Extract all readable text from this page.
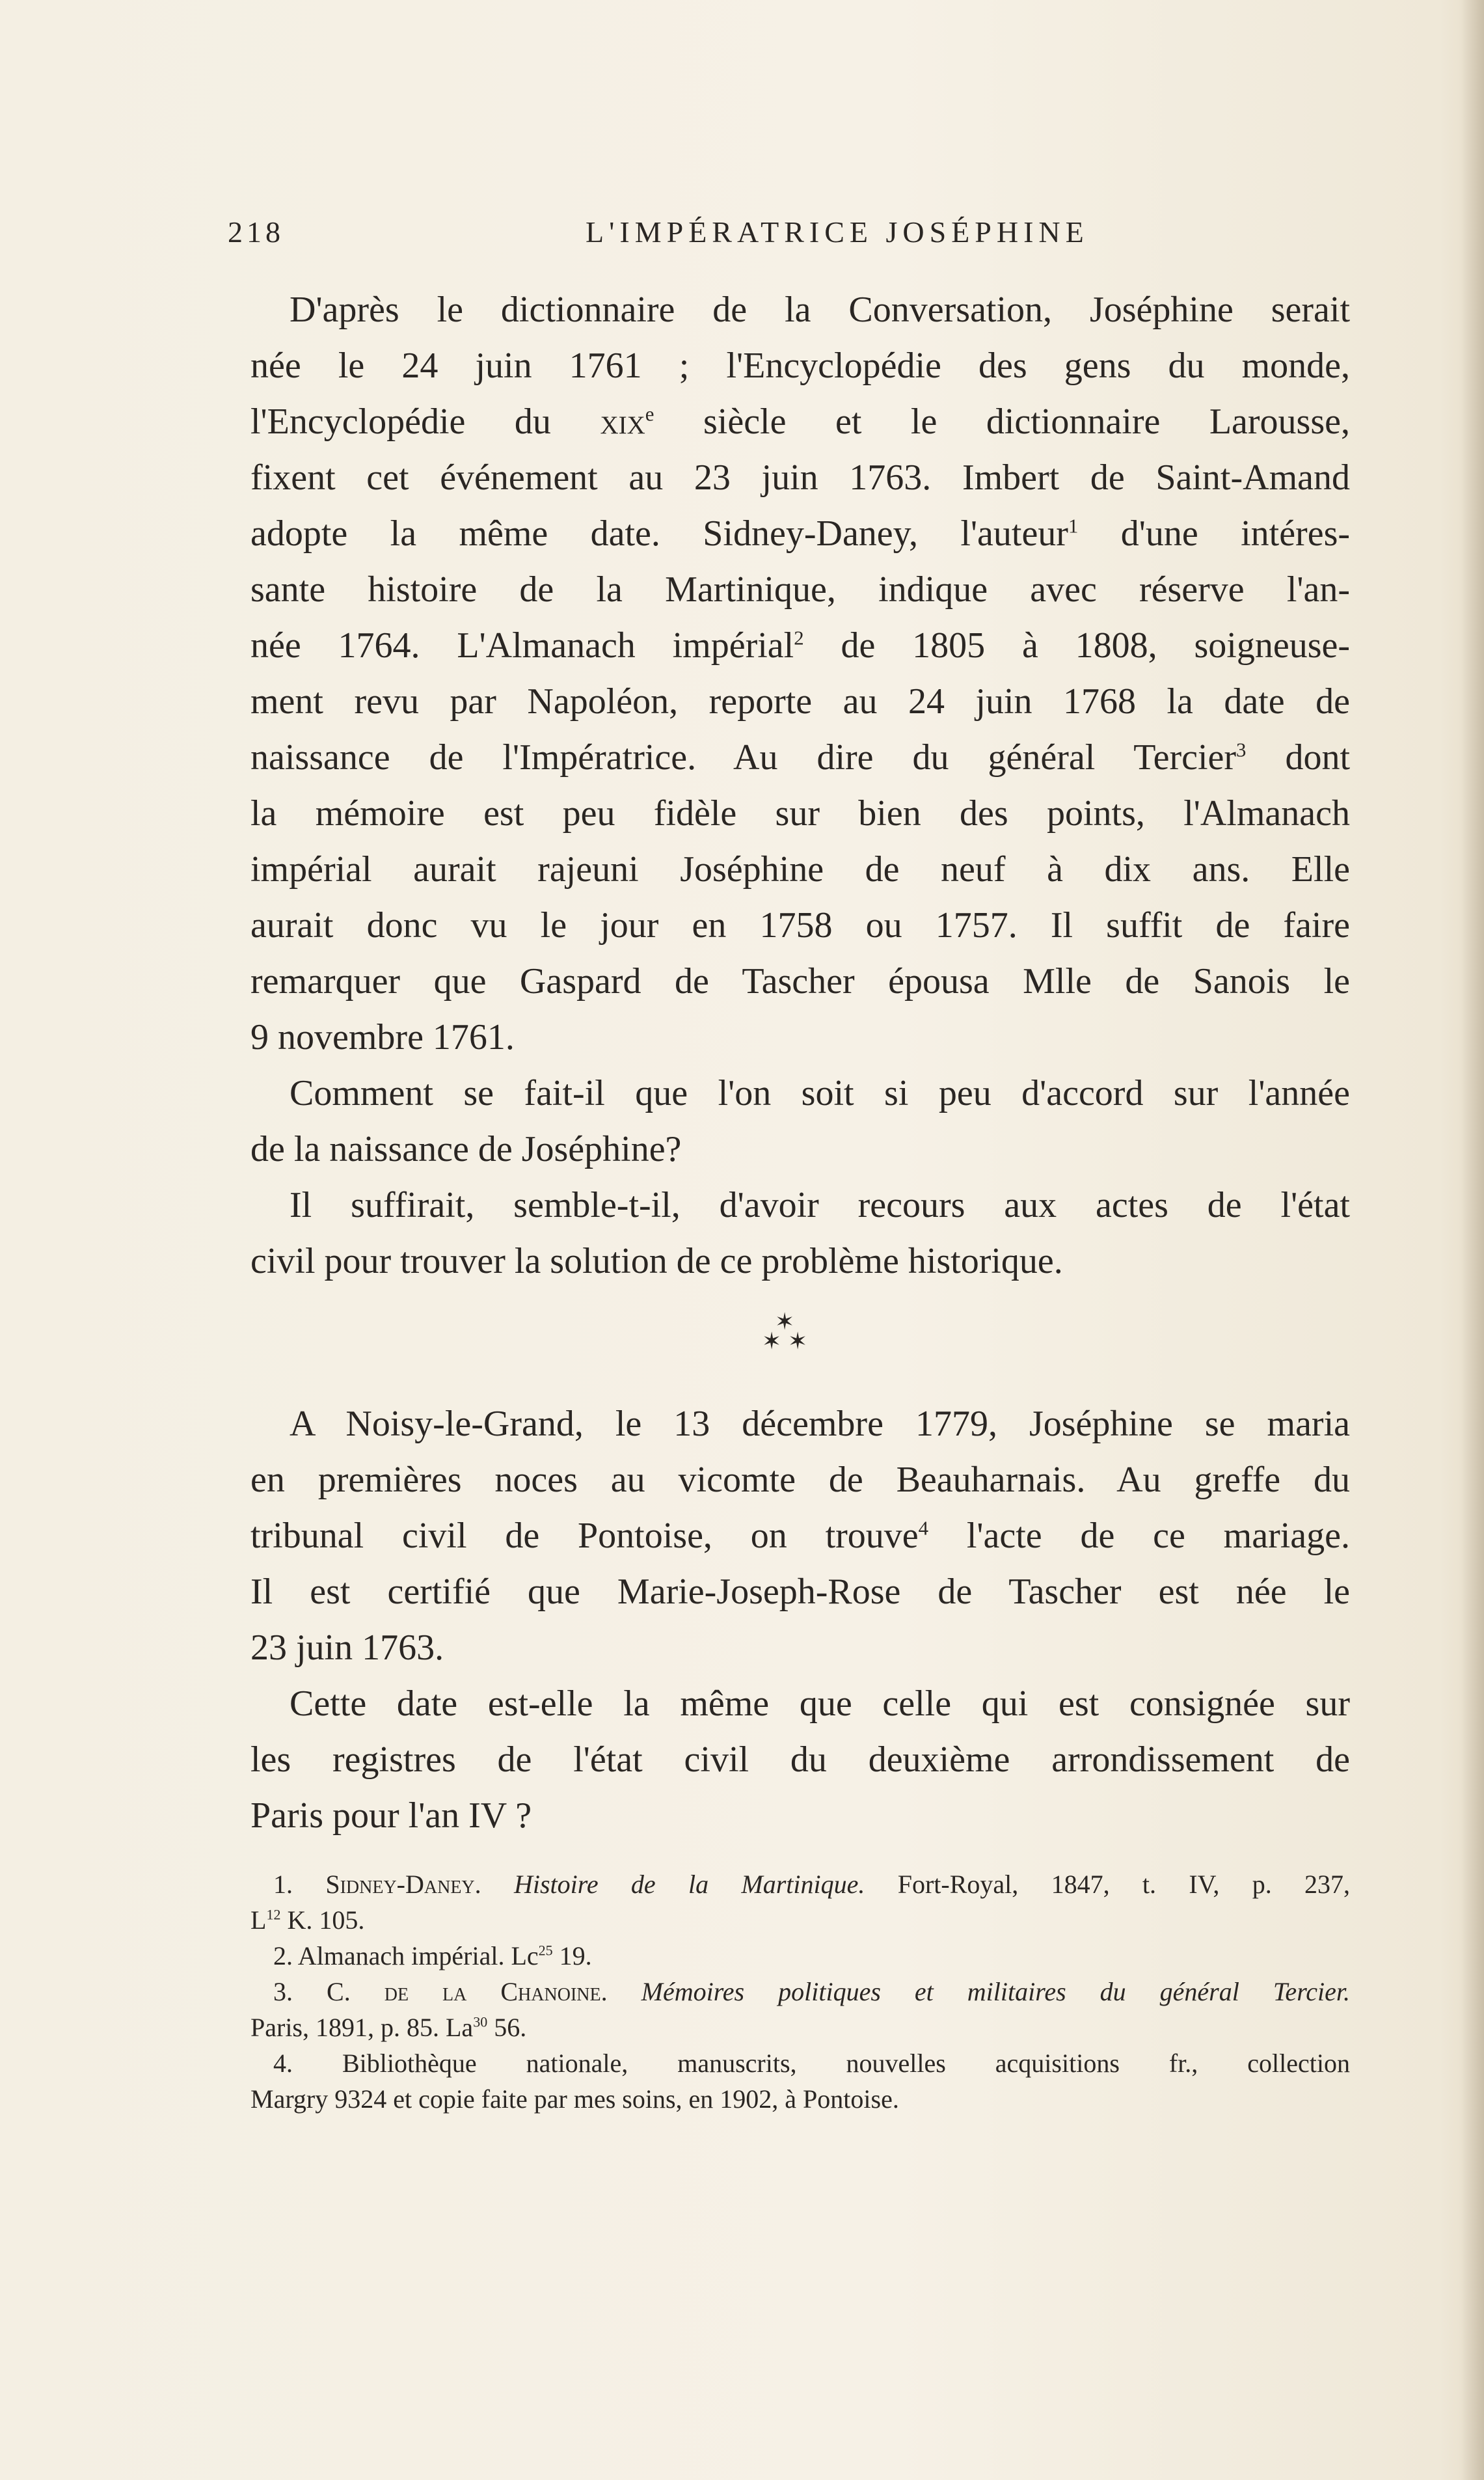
218	L'IMPÉRATRICE JOSÉPHINE
D'après le dictionnaire de la Conversation, Joséphine serait
née le 24 juin 1761 ; l'Encyclopédie des gens du monde,
l'Encyclopédie du xix$^e$ siècle et le dictionnaire Larousse,
fixent cet événement au 23 juin 1763. Imbert de Saint-Amand
adopte la même date. Sidney-Daney, l'auteur$^1$ d'une intéres-
sante histoire de la Martinique, indique avec réserve l'an-
née 1764. L'Almanach impérial$^2$ de 1805 à 1808, soigneuse-
ment revu par Napoléon, reporte au 24 juin 1768 la date de
naissance de l'Impératrice. Au dire du général Tercier$^3$ dont
la mémoire est peu fidèle sur bien des points, l'Almanach
impérial aurait rajeuni Joséphine de neuf à dix ans. Elle
aurait donc vu le jour en 1758 ou 1757. Il suffit de faire
remarquer que Gaspard de Tascher épousa Mlle de Sanois le
9 novembre 1761.
Comment se fait-il que l'on soit si peu d'accord sur l'année
de la naissance de Joséphine?
Il suffirait, semble-t-il, d'avoir recours aux actes de l'état
civil pour trouver la solution de ce problème historique.
✶
✶ ✶
A Noisy-le-Grand, le 13 décembre 1779, Joséphine se maria
en premières noces au vicomte de Beauharnais. Au greffe du
tribunal civil de Pontoise, on trouve$^4$ l'acte de ce mariage.
Il est certifié que Marie-Joseph-Rose de Tascher est née le
23 juin 1763.
Cette date est-elle la même que celle qui est consignée sur
les registres de l'état civil du deuxième arrondissement de
Paris pour l'an IV ?
1. Sidney-Daney. Histoire de la Martinique. Fort-Royal, 1847, t. IV, p. 237,
$L^{12}$ K. 105.
2. Almanach impérial. Lc$^{25}$ 19.
3. C. de la Chanoine. Mémoires politiques et militaires du général Tercier.
Paris, 1891, p. 85. La$^{30}$ 56.
4. Bibliothèque nationale, manuscrits, nouvelles acquisitions fr., collection
Margry 9324 et copie faite par mes soins, en 1902, à Pontoise.
